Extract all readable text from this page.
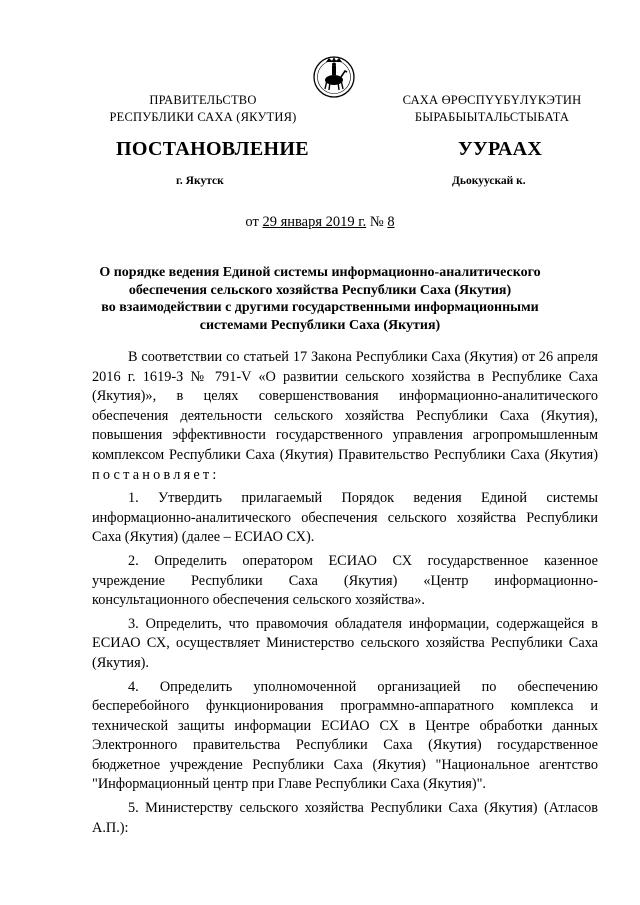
ПРАВИТЕЛЬСТВО
РЕСПУБЛИКИ САХА (ЯКУТИЯ)
САХА ӨРӨСПҮҮБҮЛҮКЭТИН
БЫРАБЫЫТАЛЬСТЫБАТА
ПОСТАНОВЛЕНИЕ	УУРААХ
г. Якутск	Дьокуускай к.
от 29 января 2019 г. № 8
О порядке ведения Единой системы информационно-аналитического
обеспечения сельского хозяйства Республики Саха (Якутия)
во взаимодействии с другими государственными информационными
системами Республики Саха (Якутия)

В соответствии со статьей 17 Закона Республики Саха (Якутия) от 26 апреля 2016 г. 1619-З № 791-V «О развитии сельского хозяйства в Республике Саха (Якутия)», в целях совершенствования информационно-аналитического обеспечения деятельности сельского хозяйства Республики Саха (Якутия), повышения эффективности государственного управления агропромышленным комплексом Республики Саха (Якутия) Правительство Республики Саха (Якутия) постановляет:

1. Утвердить прилагаемый Порядок ведения Единой системы информационно-аналитического обеспечения сельского хозяйства Республики Саха (Якутия) (далее – ЕСИАО СХ).

2. Определить оператором ЕСИАО СХ государственное казенное учреждение Республики Саха (Якутия) «Центр информационно-консультационного обеспечения сельского хозяйства».

3. Определить, что правомочия обладателя информации, содержащейся в ЕСИАО СХ, осуществляет Министерство сельского хозяйства Республики Саха (Якутия).

4. Определить уполномоченной организацией по обеспечению бесперебойного функционирования программно-аппаратного комплекса и технической защиты информации ЕСИАО СХ в Центре обработки данных Электронного правительства Республики Саха (Якутия) государственное бюджетное учреждение Республики Саха (Якутия) "Национальное агентство "Информационный центр при Главе Республики Саха (Якутия)".

5. Министерству сельского хозяйства Республики Саха (Якутия) (Атласов А.П.):
